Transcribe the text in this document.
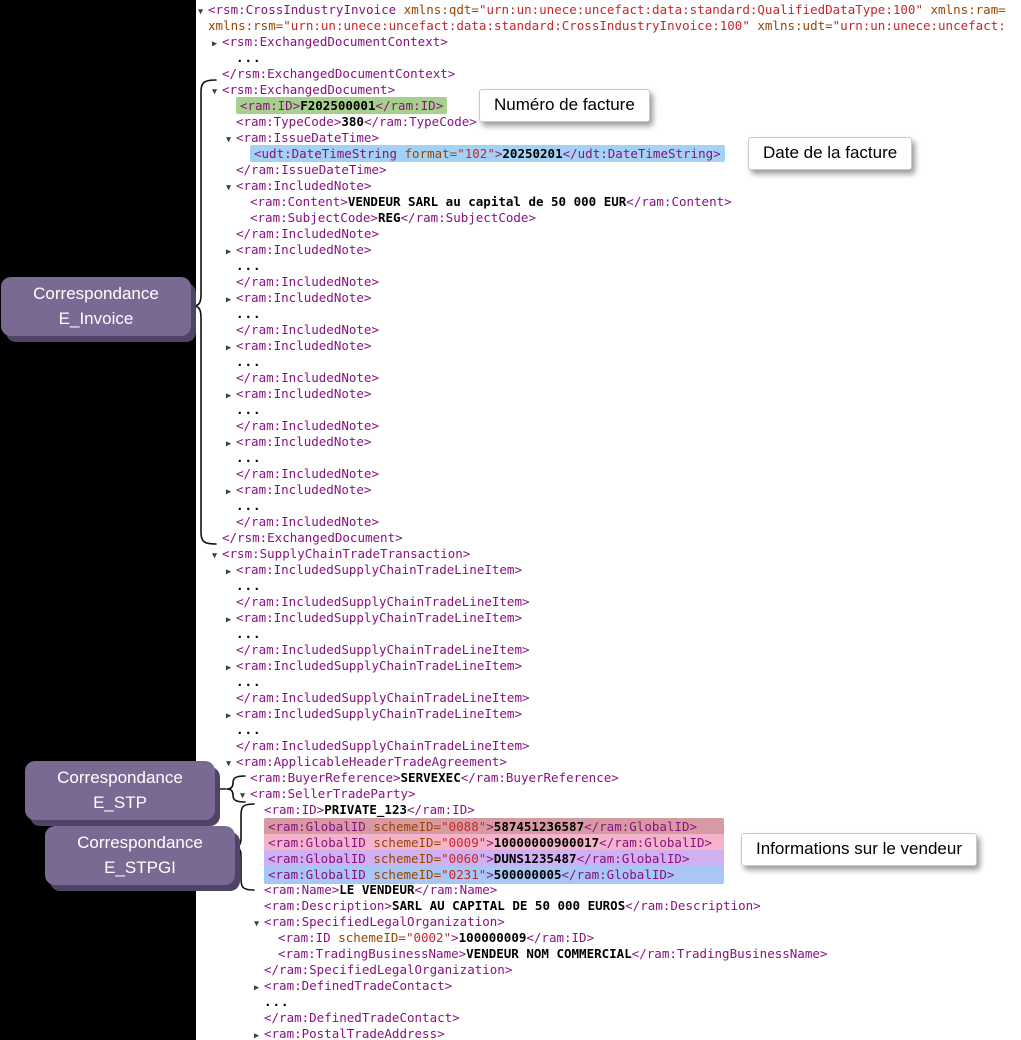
▼ <rsm:CrossIndustryInvoice xmlns:qdt="urn:un:unece:uncefact:data:standard:QualifiedDataType:100" xmlns:ram=
xmlns:rsm="urn:un:unece:uncefact:data:standard:CrossIndustryInvoice:100" xmlns:udt="urn:un:unece:uncefact:
▶ <rsm:ExchangedDocumentContext>
...
</rsm:ExchangedDocumentContext>
▼ <rsm:ExchangedDocument>
<ram:ID>F202500001</ram:ID>
<ram:TypeCode>380</ram:TypeCode>
▼ <ram:IssueDateTime>
<udt:DateTimeString format="102">20250201</udt:DateTimeString>
</ram:IssueDateTime>
▼ <ram:IncludedNote>
<ram:Content>VENDEUR SARL au capital de 50 000 EUR</ram:Content>
<ram:SubjectCode>REG</ram:SubjectCode>
</ram:IncludedNote>
▶ <ram:IncludedNote>
...
</ram:IncludedNote>
▶ <ram:IncludedNote>
...
</ram:IncludedNote>
▶ <ram:IncludedNote>
...
</ram:IncludedNote>
▶ <ram:IncludedNote>
...
</ram:IncludedNote>
▶ <ram:IncludedNote>
...
</ram:IncludedNote>
▶ <ram:IncludedNote>
...
</ram:IncludedNote>
</rsm:ExchangedDocument>
▼ <rsm:SupplyChainTradeTransaction>
▶ <ram:IncludedSupplyChainTradeLineItem>
...
</ram:IncludedSupplyChainTradeLineItem>
▶ <ram:IncludedSupplyChainTradeLineItem>
...
</ram:IncludedSupplyChainTradeLineItem>
▶ <ram:IncludedSupplyChainTradeLineItem>
...
</ram:IncludedSupplyChainTradeLineItem>
▶ <ram:IncludedSupplyChainTradeLineItem>
...
</ram:IncludedSupplyChainTradeLineItem>
▼ <ram:ApplicableHeaderTradeAgreement>
<ram:BuyerReference>SERVEXEC</ram:BuyerReference>
▼ <ram:SellerTradeParty>
<ram:ID>PRIVATE_123</ram:ID>
<ram:GlobalID schemeID="0088">587451236587</ram:GlobalID>
<ram:GlobalID schemeID="0009">10000000900017</ram:GlobalID>
<ram:GlobalID schemeID="0060">DUNS1235487</ram:GlobalID>
<ram:GlobalID schemeID="0231">500000005</ram:GlobalID>
<ram:Name>LE VENDEUR</ram:Name>
<ram:Description>SARL AU CAPITAL DE 50 000 EUROS</ram:Description>
▼ <ram:SpecifiedLegalOrganization>
<ram:ID schemeID="0002">100000009</ram:ID>
<ram:TradingBusinessName>VENDEUR NOM COMMERCIAL</ram:TradingBusinessName>
</ram:SpecifiedLegalOrganization>
▶ <ram:DefinedTradeContact>
...
</ram:DefinedTradeContact>
▶ <ram:PostalTradeAddress>
Correspondance
E_Invoice
Correspondance
E_STP
Correspondance
E_STPGI
Numéro de facture
Date de la facture
Informations sur le vendeur
